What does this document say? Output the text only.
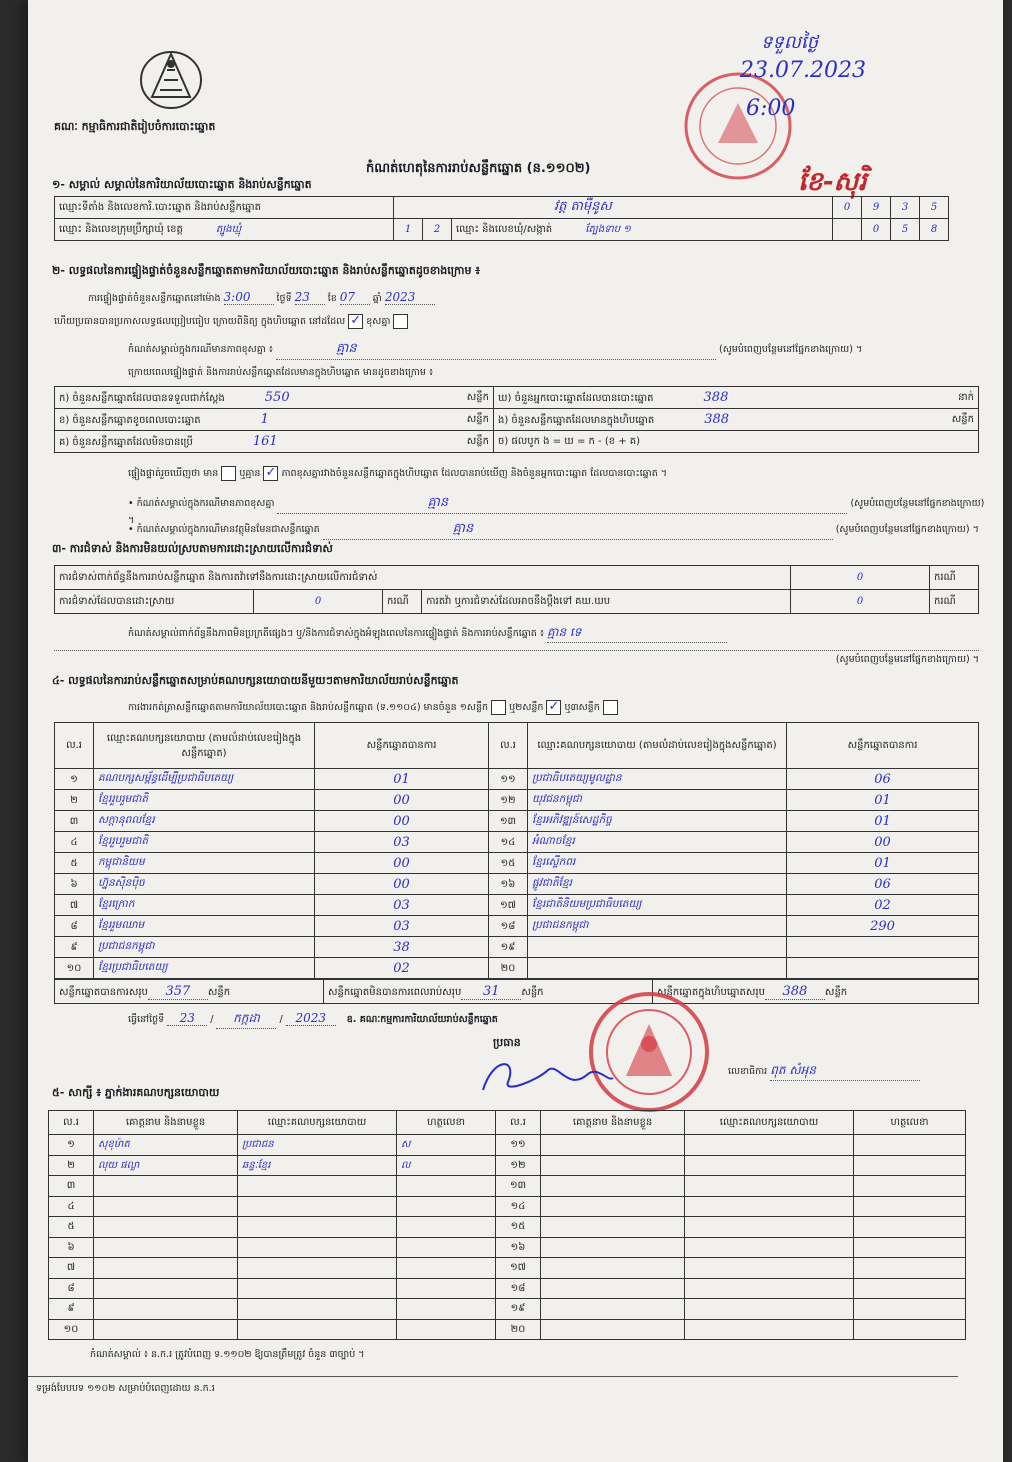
គណៈ កម្មាធិការជាតិរៀបចំការបោះឆ្នោត
ទទួល​ថ្ងៃ
23.07.2023
6:00
ខែ-សុរិ
កំណត់ហេតុនៃការរាប់សន្លឹកឆ្នោត (ន.១១០២)
១- សម្គាល់ សម្គាល់នៃការិយាល័យបោះឆ្នោត និងរាប់សន្លឹកឆ្នោត
ឈ្មោះទីតាំង និងលេខការិ.បោះឆ្នោត និងរាប់សន្លឹកឆ្នោត	វត្ត តាម៉ឺនូស			0	9	3	5
ឈ្មោះ និងលេខក្រុមប្រឹក្សាឃុំ ខេត្ត ត្បូងឃ្មុំ	1	2	ឈ្មោះ និងលេខឃុំ/សង្កាត់ ត្បែងទាប ១		0	5	8
២- លទ្ធផលនៃការផ្ទៀងផ្ទាត់ចំនួនសន្លឹកឆ្នោតតាមការិយាល័យបោះឆ្នោត និងរាប់សន្លឹកឆ្នោតដូចខាងក្រោម ៖
ការផ្ទៀងផ្ទាត់ចំនួនសន្លឹកឆ្នោតនៅម៉ោង 3:00	ថ្ងៃទី 23 ខែ 07 ឆ្នាំ 2023
ហើយប្រធានបានប្រកាសលទ្ធផលប្រៀបធៀប ក្រោយពិនិត្យ ក្នុងហិបឆ្នោត នៅដដែល ✓ ខុសគ្នា
កំណត់សម្គាល់ក្នុងករណីមានភាពខុសគ្នា ៖	គ្មាន	(សូមបំពេញបន្ថែមនៅផ្នែកខាងក្រោយ) ។
ក្រោយពេលផ្ទៀងផ្ទាត់ និងការរាប់សន្លឹកឆ្នោតដែលមានក្នុងហិបឆ្នោត មានដូចខាងក្រោម ៖
ក) ចំនួនសន្លឹកឆ្នោតដែលបានទទួលជាក់ស្តែង 550 សន្លឹក	ឃ) ចំនួនអ្នកបោះឆ្នោតដែលបានបោះឆ្នោត 388 នាក់

ខ) ចំនួនសន្លឹកឆ្នោតខូចពេលបោះឆ្នោត 1 សន្លឹក	ង) ចំនួនសន្លឹកឆ្នោតដែលមានក្នុងហិបឆ្នោត 388 សន្លឹក

គ) ចំនួនសន្លឹកឆ្នោតដែលមិនបានប្រើ 161 សន្លឹក	ច) ផលបូក ង = ឃ = ក - (ខ + គ)
ផ្ទៀងផ្ទាត់រួចឃើញថា មាន ឬគ្មាន ✓ ភាពខុសគ្នារវាងចំនួនសន្លឹកឆ្នោតក្នុងហិបឆ្នោត ដែលបានរាប់ឃើញ និងចំនួនអ្នកបោះឆ្នោត ដែលបានបោះឆ្នោត ។
• កំណត់សម្គាល់ក្នុងករណីមានភាពខុសគ្នា	គ្មាន	(សូមបំពេញបន្ថែមនៅផ្នែកខាងក្រោយ) ។
• កំណត់សម្គាល់ក្នុងករណីមានវត្ថុមិនមែនជាសន្លឹកឆ្នោត	គ្មាន	(សូមបំពេញបន្ថែមនៅផ្នែកខាងក្រោយ) ។
៣- ការជំទាស់ និងការមិនយល់ស្របតាមការដោះស្រាយលើការជំទាស់
ការជំទាស់ពាក់ព័ន្ធនឹងការរាប់សន្លឹកឆ្នោត និងការតវ៉ាទៅនឹងការដោះស្រាយលើការជំទាស់				0	ករណី
ការជំទាស់ដែលបានដោះស្រាយ	0	ករណី	ការតវ៉ា ឬការជំទាស់ដែលអាចនឹងប្ដឹងទៅ គឃ.ឃប	0	ករណី
កំណត់សម្គាល់ពាក់ព័ន្ធនឹងភាពមិនប្រក្រតីផ្សេងៗ ឬ/និងការជំទាស់ក្នុងអំឡុងពេលនៃការផ្ទៀងផ្ទាត់ និងការរាប់សន្លឹកឆ្នោត ៖ គ្មាន ទេ
(សូមបំពេញបន្ថែមនៅផ្នែកខាងក្រោយ) ។
៤- លទ្ធផលនៃការរាប់សន្លឹកឆ្នោតសម្រាប់គណបក្សនយោបាយនីមួយៗតាមការិយាល័យរាប់សន្លឹកឆ្នោត
ការងារកត់ត្រាសន្លឹកឆ្នោតតាមការិយាល័យបោះឆ្នោត និងរាប់សន្លឹកឆ្នោត (ទ.១១០៤) មានចំនួន ១សន្លឹក ឬ២សន្លឹក ✓ ឬ៣សន្លឹក
ល.រ	ឈ្មោះគណបក្សនយោបាយ (តាមលំដាប់លេខរៀងក្នុងសន្លឹកឆ្នោត)	សន្លឹកឆ្នោតបានការ	ល.រ	ឈ្មោះគណបក្សនយោបាយ (តាមលំដាប់លេខរៀងក្នុងសន្លឹកឆ្នោត)	សន្លឹកឆ្នោតបានការ
១	គណបក្សសម្ព័ន្ធដើម្បីប្រជាធិបតេយ្យ	01	១១	ប្រជាធិបតេយ្យមូលដ្ឋាន	06
២	ខ្មែររួបរួមជាតិ	00	១២	យុវជនកម្ពុជា	01
៣	សក្ដានុពលខ្មែរ	00	១៣	ខ្មែរអភិវឌ្ឍន៍សេដ្ឋកិច្ច	01
៤	ខ្មែររួបរួមជាតិ	03	១៤	អំណាចខ្មែរ	00
៥	កម្ពុជានិយម	00	១៥	ខ្មែរស្ទើកពរ	01
៦	ហ្វ៊ុនស៊ិនប៉ិច	00	១៦	ផ្លូវជាតិខ្មែរ	06
៧	ខ្មែរក្រោក	03	១៧	ខ្មែរជាតិនិយមប្រជាធិបតេយ្យ	02
៨	ខ្មែររួមឈាម	03	១៨	ប្រជាជនកម្ពុជា	290
៩	ប្រជាជនកម្ពុជា	38	១៩		
១០	ខ្មែរប្រជាធិបតេយ្យ	02	២០		
សន្លឹកឆ្នោតបានការសរុប 357 សន្លឹក	សន្លឹកឆ្នោតមិនបានការពេលរាប់សរុប 31 សន្លឹក	សន្លឹកឆ្នោតក្នុងហិបឆ្នោតសរុប 388 សន្លឹក
ធ្វើនៅថ្ងៃទី 23 / កក្កដា / 2023 ឧ. គណៈកម្មការការិយាល័យរាប់សន្លឹកឆ្នោត
ប្រធាន
លេខាធិការ ពុត សំអុន
៥- សាក្សី ៖ ភ្នាក់ងារគណបក្សនយោបាយ
ល.រ	គោត្តនាម និងនាមខ្លួន	ឈ្មោះគណបក្សនយោបាយ	ហត្ថលេខា	ល.រ	គោត្តនាម និងនាមខ្លួន	ឈ្មោះគណបក្សនយោបាយ	ហត្ថលេខា
១	សុខុម៉ាត	ប្រជាជន	ស	១១			
២	លុយ ផល្លា	ឆន្ទៈខ្មែរ	ល	១២			
៣				១៣			
៤				១៤			
៥				១៥			
៦				១៦			
៧				១៧			
៨				១៨			
៩				១៩			
១០				២០			
កំណត់សម្គាល់ ៖ ន.ក.រ ត្រូវបំពេញ ទ.១១០២ ឱ្យបានត្រឹមត្រូវ ចំនួន ៣ច្បាប់ ។
ទម្រង់បែបបទ ១១០២ សម្រាប់បំពេញដោយ ន.ក.រ
